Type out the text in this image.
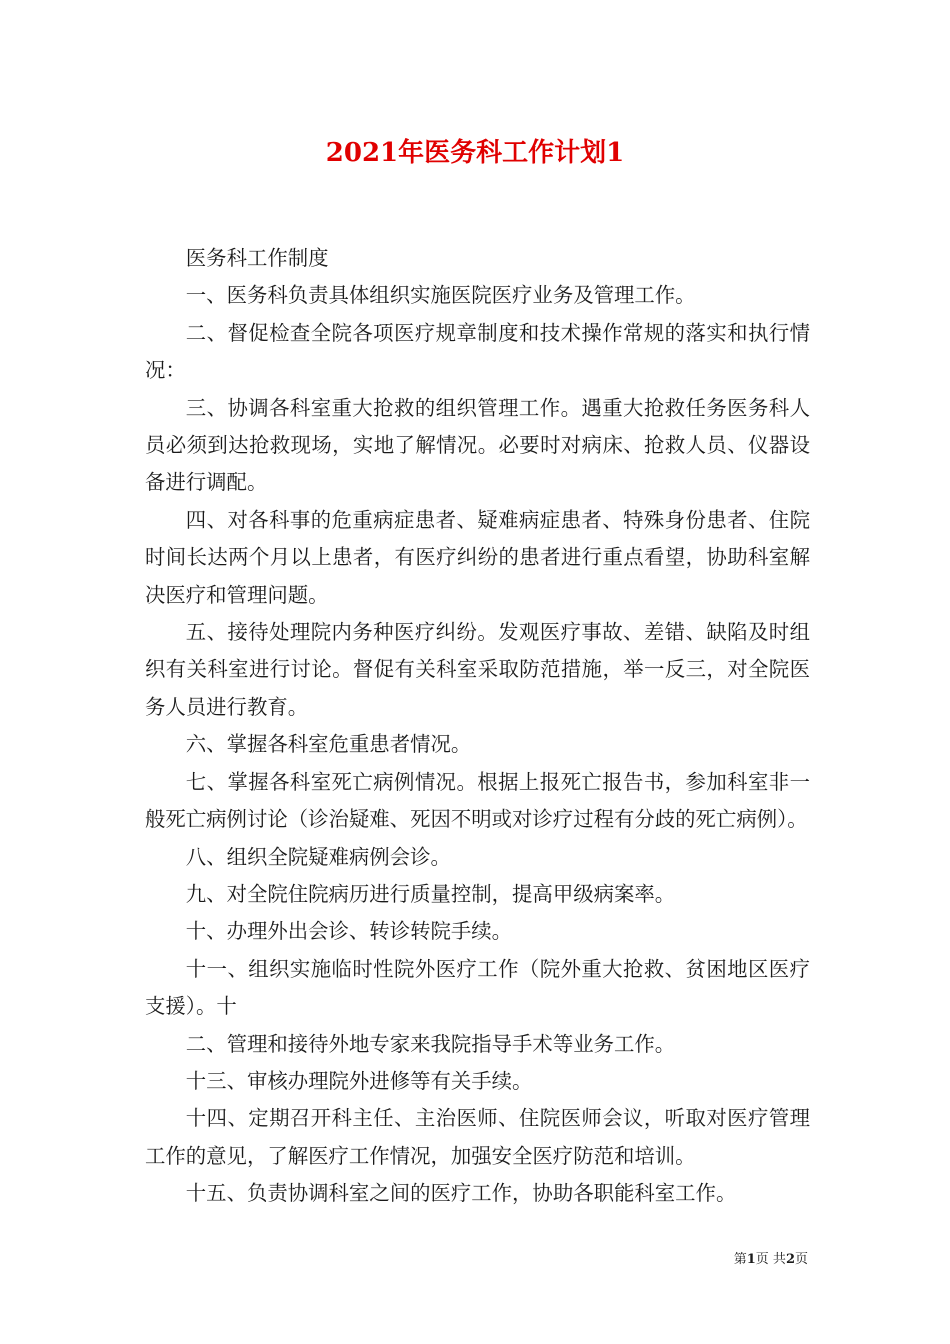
2021年医务科工作计划1

医务科工作制度

一、医务科负责具体组织实施医院医疗业务及管理工作。

二、督促检查全院各项医疗规章制度和技术操作常规的落实和执行情况：

三、协调各科室重大抢救的组织管理工作。遇重大抢救任务医务科人员必须到达抢救现场，实地了解情况。必要时对病床、抢救人员、仪器设备进行调配。

四、对各科事的危重病症患者、疑难病症患者、特殊身份患者、住院时间长达两个月以上患者，有医疗纠纷的患者进行重点看望，协助科室解决医疗和管理问题。

五、接待处理院内务种医疗纠纷。发观医疗事故、差错、缺陷及时组织有关科室进行讨论。督促有关科室采取防范措施，举一反三，对全院医务人员进行教育。

六、掌握各科室危重患者情况。

七、掌握各科室死亡病例情况。根据上报死亡报告书，参加科室非一般死亡病例讨论（诊治疑难、死因不明或对诊疗过程有分歧的死亡病例）。

八、组织全院疑难病例会诊。

九、对全院住院病历进行质量控制，提高甲级病案率。

十、办理外出会诊、转诊转院手续。

十一、组织实施临时性院外医疗工作（院外重大抢救、贫困地区医疗支援）。十

二、管理和接待外地专家来我院指导手术等业务工作。

十三、审核办理院外进修等有关手续。

十四、定期召开科主任、主治医师、住院医师会议，听取对医疗管理工作的意见，了解医疗工作情况，加强安全医疗防范和培训。

十五、负责协调科室之间的医疗工作，协助各职能科室工作。

第1页 共2页
